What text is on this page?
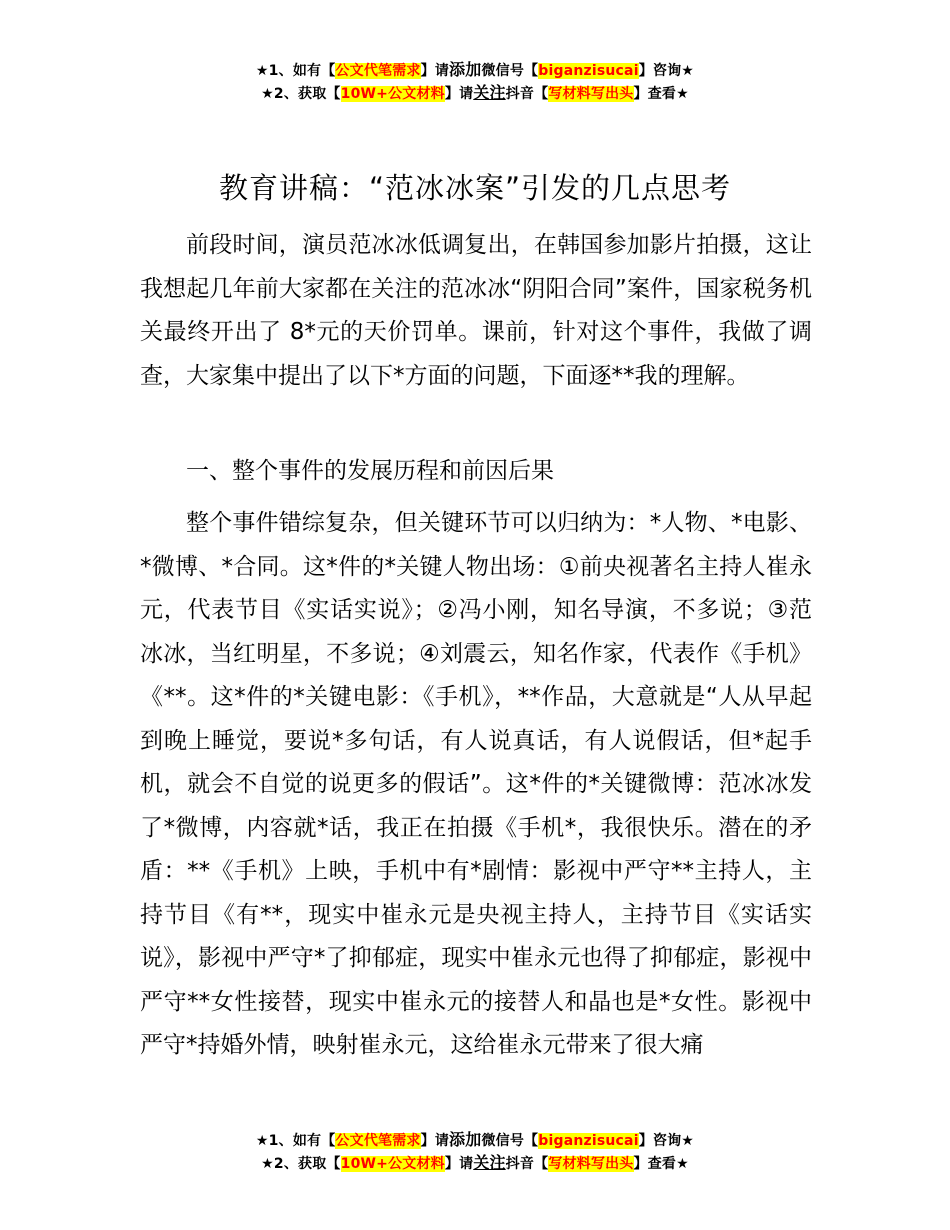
★1、如有【公文代笔需求】请添加微信号【biganzisucai】咨询★
★2、获取【10W+公文材料】请关注抖音【写材料写出头】查看★
教育讲稿：“范冰冰案”引发的几点思考

前段时间，演员范冰冰低调复出，在韩国参加影片拍摄，这让我想起几年前大家都在关注的范冰冰“阴阳合同”案件，国家税务机关最终开出了 8*元的天价罚单。课前，针对这个事件，我做了调查，大家集中提出了以下*方面的问题，下面逐**我的理解。

一、整个事件的发展历程和前因后果

整个事件错综复杂，但关键环节可以归纳为：*人物、*电影、*微博、*合同。这*件的*关键人物出场：①前央视著名主持人崔永元，代表节目《实话实说》；②冯小刚，知名导演，不多说；③范冰冰，当红明星，不多说；④刘震云，知名作家，代表作《手机》《**。这*件的*关键电影：《手机》，**作品，大意就是“人从早起到晚上睡觉，要说*多句话，有人说真话，有人说假话，但*起手机，就会不自觉的说更多的假话”。这*件的*关键微博：范冰冰发了*微博，内容就*话，我正在拍摄《手机*，我很快乐。潜在的矛盾：**《手机》上映，手机中有*剧情：影视中严守**主持人，主持节目《有**，现实中崔永元是央视主持人，主持节目《实话实说》，影视中严守*了抑郁症，现实中崔永元也得了抑郁症，影视中严守**女性接替，现实中崔永元的接替人和晶也是*女性。影视中严守*持婚外情，映射崔永元，这给崔永元带来了很大痛

★1、如有【公文代笔需求】请添加微信号【biganzisucai】咨询★
★2、获取【10W+公文材料】请关注抖音【写材料写出头】查看★
